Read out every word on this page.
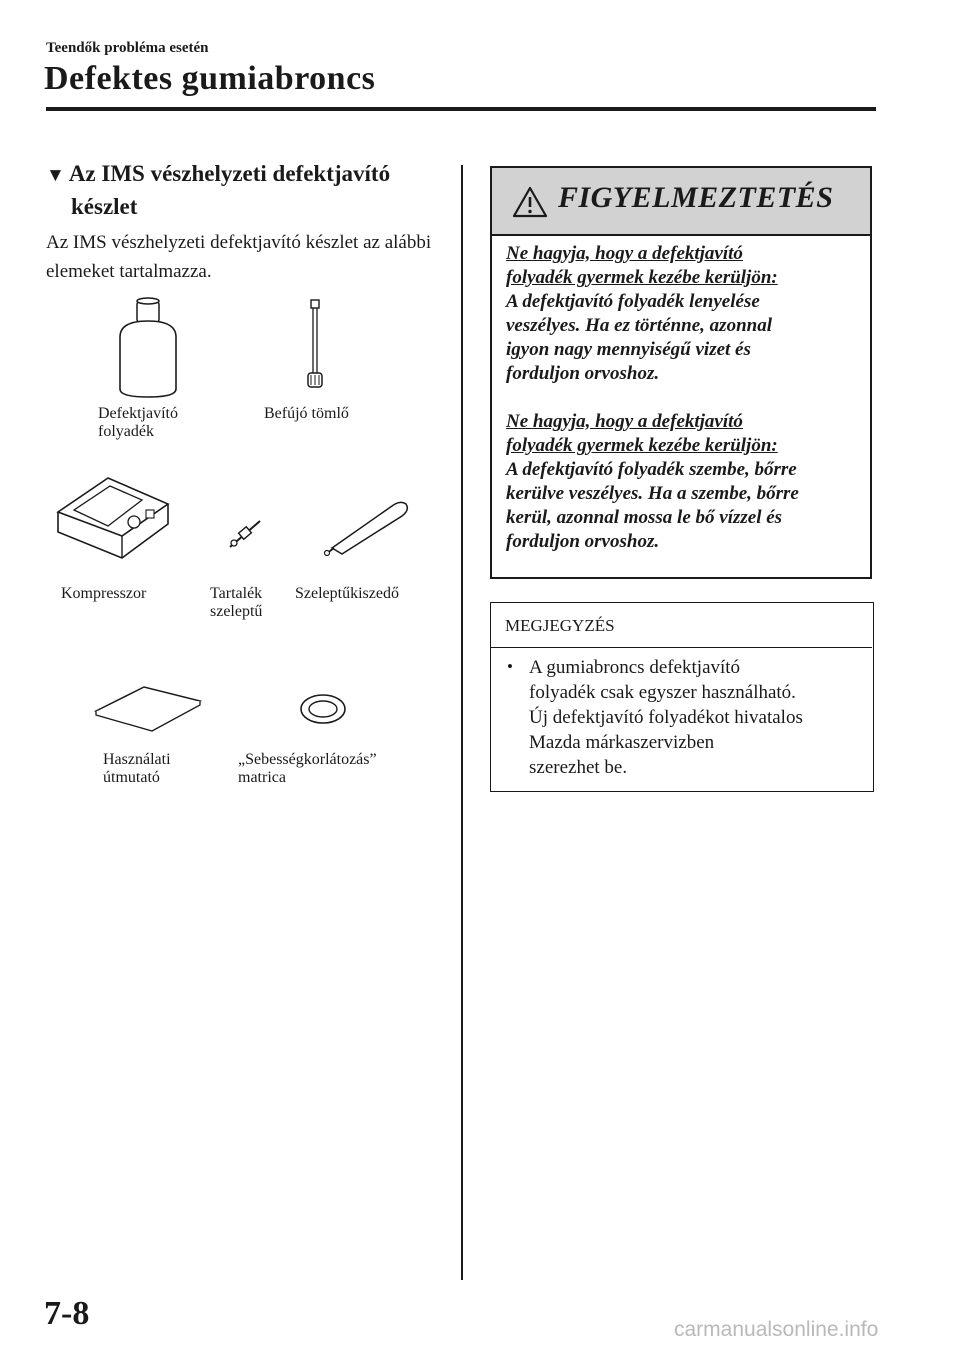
Teendők probléma esetén
Defektes gumiabroncs
▼ Az IMS vészhelyzeti defektjavító
készlet
Az IMS vészhelyzeti defektjavító készlet az alábbi elemeket tartalmazza.
Defektjavító
folyadék
Befújó tömlő
Kompresszor	Tartalék
szeleptű
Szeleptűkiszedő
Használati
útmutató
„Sebességkorlátozás”
matrica
FIGYELMEZTETÉS
Ne hagyja, hogy a defektjavító
folyadék gyermek kezébe kerüljön:
A defektjavító folyadék lenyelése
veszélyes. Ha ez történne, azonnal
igyon nagy mennyiségű vizet és
forduljon orvoshoz.
Ne hagyja, hogy a defektjavító
folyadék gyermek kezébe kerüljön:
A defektjavító folyadék szembe, bőrre
kerülve veszélyes. Ha a szembe, bőrre
kerül, azonnal mossa le bő vízzel és
forduljon orvoshoz.
MEGJEGYZÉS
• A gumiabroncs defektjavító
folyadék csak egyszer használható.
Új defektjavító folyadékot hivatalos
Mazda márkaszervizben
szerezhet be.
7-8	carmanualsonline.info
